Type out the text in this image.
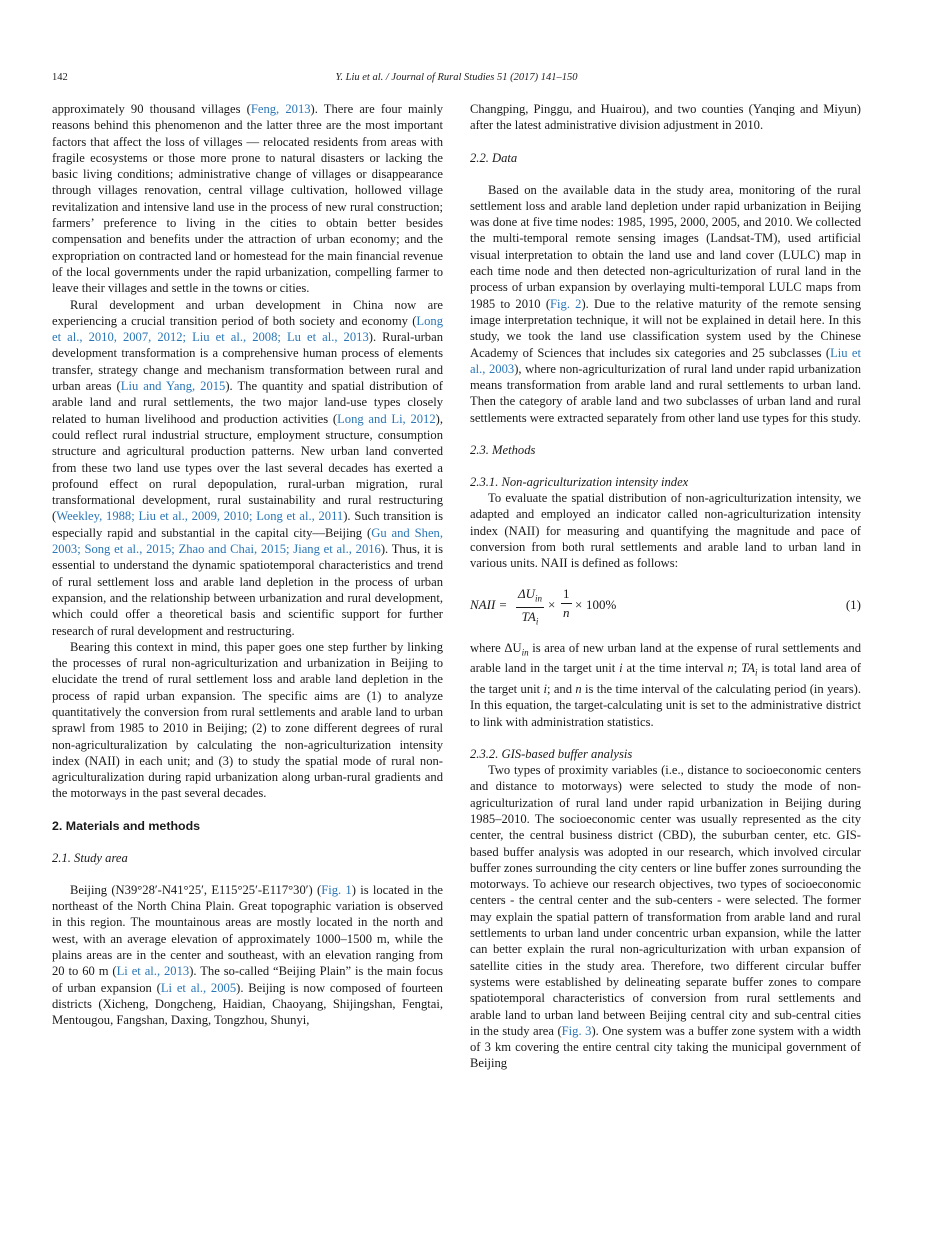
142	Y. Liu et al. / Journal of Rural Studies 51 (2017) 141–150

approximately 90 thousand villages (Feng, 2013). There are four mainly reasons behind this phenomenon and the latter three are the most important factors that affect the loss of villages — relocated residents from areas with fragile ecosystems or those more prone to natural disasters or lacking the basic living conditions; administrative change of villages or disappearance through villages renovation, central village cultivation, hollowed village revitalization and intensive land use in the process of new rural construction; farmers’ preference to living in the cities to obtain better besides compensation and benefits under the attraction of urban economy; and the expropriation on contracted land or homestead for the main financial revenue of the local governments under the rapid urbanization, compelling farmer to leave their villages and settle in the towns or cities.

Rural development and urban development in China now are experiencing a crucial transition period of both society and economy (Long et al., 2010, 2007, 2012; Liu et al., 2008; Lu et al., 2013). Rural-urban development transformation is a comprehensive human process of elements transfer, strategy change and mechanism transformation between rural and urban areas (Liu and Yang, 2015). The quantity and spatial distribution of arable land and rural settlements, the two major land-use types closely related to human livelihood and production activities (Long and Li, 2012), could reflect rural industrial structure, employment structure, consumption structure and agricultural production patterns. New urban land converted from these two land use types over the last several decades has exerted a profound effect on rural depopulation, rural-urban migration, rural transformational development, rural sustainability and rural restructuring (Weekley, 1988; Liu et al., 2009, 2010; Long et al., 2011). Such transition is especially rapid and substantial in the capital city—Beijing (Gu and Shen, 2003; Song et al., 2015; Zhao and Chai, 2015; Jiang et al., 2016). Thus, it is essential to understand the dynamic spatiotemporal characteristics and trend of rural settlement loss and arable land depletion in the process of urban expansion, and the relationship between urbanization and rural development, which could offer a theoretical basis and scientific support for further research of rural development and restructuring.

Bearing this context in mind, this paper goes one step further by linking the processes of rural non-agriculturization and urbanization in Beijing to elucidate the trend of rural settlement loss and arable land depletion in the process of rapid urban expansion. The specific aims are (1) to analyze quantitatively the conversion from rural settlements and arable land to urban sprawl from 1985 to 2010 in Beijing; (2) to zone different degrees of rural non-agriculturalization by calculating the non-agriculturization intensity index (NAII) in each unit; and (3) to study the spatial mode of rural non-agriculturalization during rapid urbanization along urban-rural gradients and the motorways in the past several decades.

2. Materials and methods
2.1. Study area

Beijing (N39°28′-N41°25′, E115°25′-E117°30′) (Fig. 1) is located in the northeast of the North China Plain. Great topographic variation is observed in this region. The mountainous areas are mostly located in the north and west, with an average elevation of approximately 1000–1500 m, while the plains areas are in the center and southeast, with an elevation ranging from 20 to 60 m (Li et al., 2013). The so-called “Beijing Plain” is the main focus of urban expansion (Li et al., 2005). Beijing is now composed of fourteen districts (Xicheng, Dongcheng, Haidian, Chaoyang, Shijingshan, Fengtai, Mentougou, Fangshan, Daxing, Tongzhou, Shunyi,

Changping, Pinggu, and Huairou), and two counties (Yanqing and Miyun) after the latest administrative division adjustment in 2010.

2.2. Data

Based on the available data in the study area, monitoring of the rural settlement loss and arable land depletion under rapid urbanization in Beijing was done at five time nodes: 1985, 1995, 2000, 2005, and 2010. We collected the multi-temporal remote sensing images (Landsat-TM), used artificial visual interpretation to obtain the land use and land cover (LULC) map in each time node and then detected non-agriculturization of rural land in the process of urban expansion by overlaying multi-temporal LULC maps from 1985 to 2010 (Fig. 2). Due to the relative maturity of the remote sensing image interpretation technique, it will not be explained in detail here. In this study, we took the land use classification system used by the Chinese Academy of Sciences that includes six categories and 25 subclasses (Liu et al., 2003), where non-agriculturization of rural land under rapid urbanization means transformation from arable land and rural settlements to urban land. Then the category of arable land and two subclasses of urban land and rural settlements were extracted separately from other land use types for this study.

2.3. Methods
2.3.1. Non-agriculturization intensity index

To evaluate the spatial distribution of non-agriculturization intensity, we adapted and employed an indicator called non-agriculturization intensity index (NAII) for measuring and quantifying the magnitude and pace of conversion from both rural settlements and arable land to urban land in various units. NAII is defined as follows:

NAII =
$\Delta U_{in}$
$TA_i$
× $\frac{1}{n} \times 100\%$	(1)

where $\Delta U_{in}$ is area of new urban land at the expense of rural settlements and arable land in the target unit i at the time interval n; $TA_i$ is total land area of the target unit i; and n is the time interval of the calculating period (in years). In this equation, the target-calculating unit is set to the administrative district to link with administration statistics.

2.3.2. GIS-based buffer analysis

Two types of proximity variables (i.e., distance to socioeconomic centers and distance to motorways) were selected to study the mode of non-agriculturization of rural land under rapid urbanization in Beijing during 1985–2010. The socioeconomic center was usually represented as the city center, the central business district (CBD), the suburban center, etc. GIS-based buffer analysis was adopted in our research, which involved circular buffer zones surrounding the city centers or line buffer zones surrounding the motorways. To achieve our research objectives, two types of socioeconomic centers - the central center and the sub-centers - were selected. The former may explain the spatial pattern of transformation from arable land and rural settlements to urban land under concentric urban expansion, while the latter can better explain the rural non-agriculturization with urban expansion of satellite cities in the study area. Therefore, two different circular buffer systems were established by delineating separate buffer zones to compare spatiotemporal characteristics of conversion from rural settlements and arable land to urban land between Beijing central city and sub-central cities in the study area (Fig. 3). One system was a buffer zone system with a width of 3 km covering the entire central city taking the municipal government of Beijing
